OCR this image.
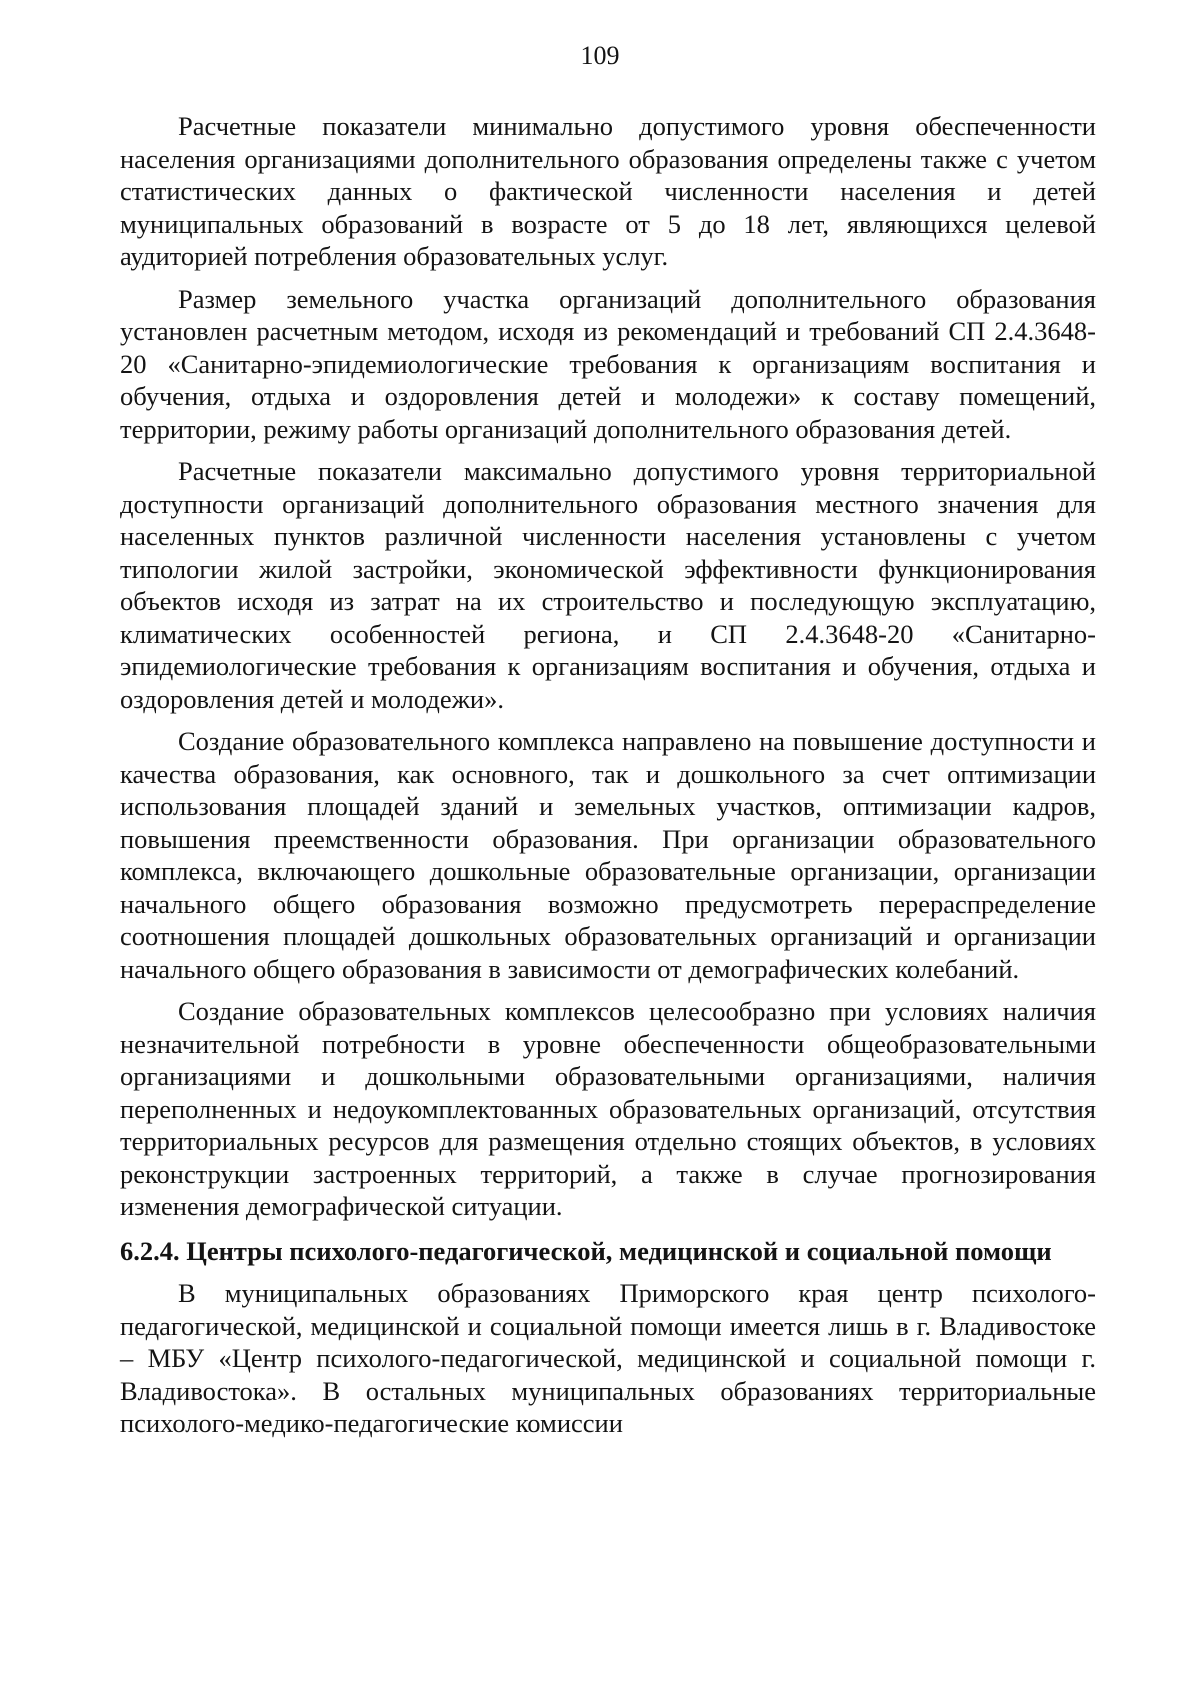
109

Расчетные показатели минимально допустимого уровня обеспеченности населения организациями дополнительного образования определены также с учетом статистических данных о фактической численности населения и детей муниципальных образований в возрасте от 5 до 18 лет, являющихся целевой аудиторией потребления образовательных услуг.

Размер земельного участка организаций дополнительного образования установлен расчетным методом, исходя из рекомендаций и требований СП 2.4.3648-20 «Санитарно-эпидемиологические требования к организациям воспитания и обучения, отдыха и оздоровления детей и молодежи» к составу помещений, территории, режиму работы организаций дополнительного образования детей.

Расчетные показатели максимально допустимого уровня территориальной доступности организаций дополнительного образования местного значения для населенных пунктов различной численности населения установлены с учетом типологии жилой застройки, экономической эффективности функционирования объектов исходя из затрат на их строительство и последующую эксплуатацию, климатических особенностей региона, и СП 2.4.3648-20 «Санитарно-эпидемиологические требования к организациям воспитания и обучения, отдыха и оздоровления детей и молодежи».

Создание образовательного комплекса направлено на повышение доступности и качества образования, как основного, так и дошкольного за счет оптимизации использования площадей зданий и земельных участков, оптимизации кадров, повышения преемственности образования. При организации образовательного комплекса, включающего дошкольные образовательные организации, организации начального общего образования возможно предусмотреть перераспределение соотношения площадей дошкольных образовательных организаций и организации начального общего образования в зависимости от демографических колебаний.

Создание образовательных комплексов целесообразно при условиях наличия незначительной потребности в уровне обеспеченности общеобразовательными организациями и дошкольными образовательными организациями, наличия переполненных и недоукомплектованных образовательных организаций, отсутствия территориальных ресурсов для размещения отдельно стоящих объектов, в условиях реконструкции застроенных территорий, а также в случае прогнозирования изменения демографической ситуации.

6.2.4. Центры психолого-педагогической, медицинской и социальной помощи

В муниципальных образованиях Приморского края центр психолого-педагогической, медицинской и социальной помощи имеется лишь в г. Владивостоке – МБУ «Центр психолого-педагогической, медицинской и социальной помощи г. Владивостока». В остальных муниципальных образованиях территориальные психолого-медико-педагогические комиссии
